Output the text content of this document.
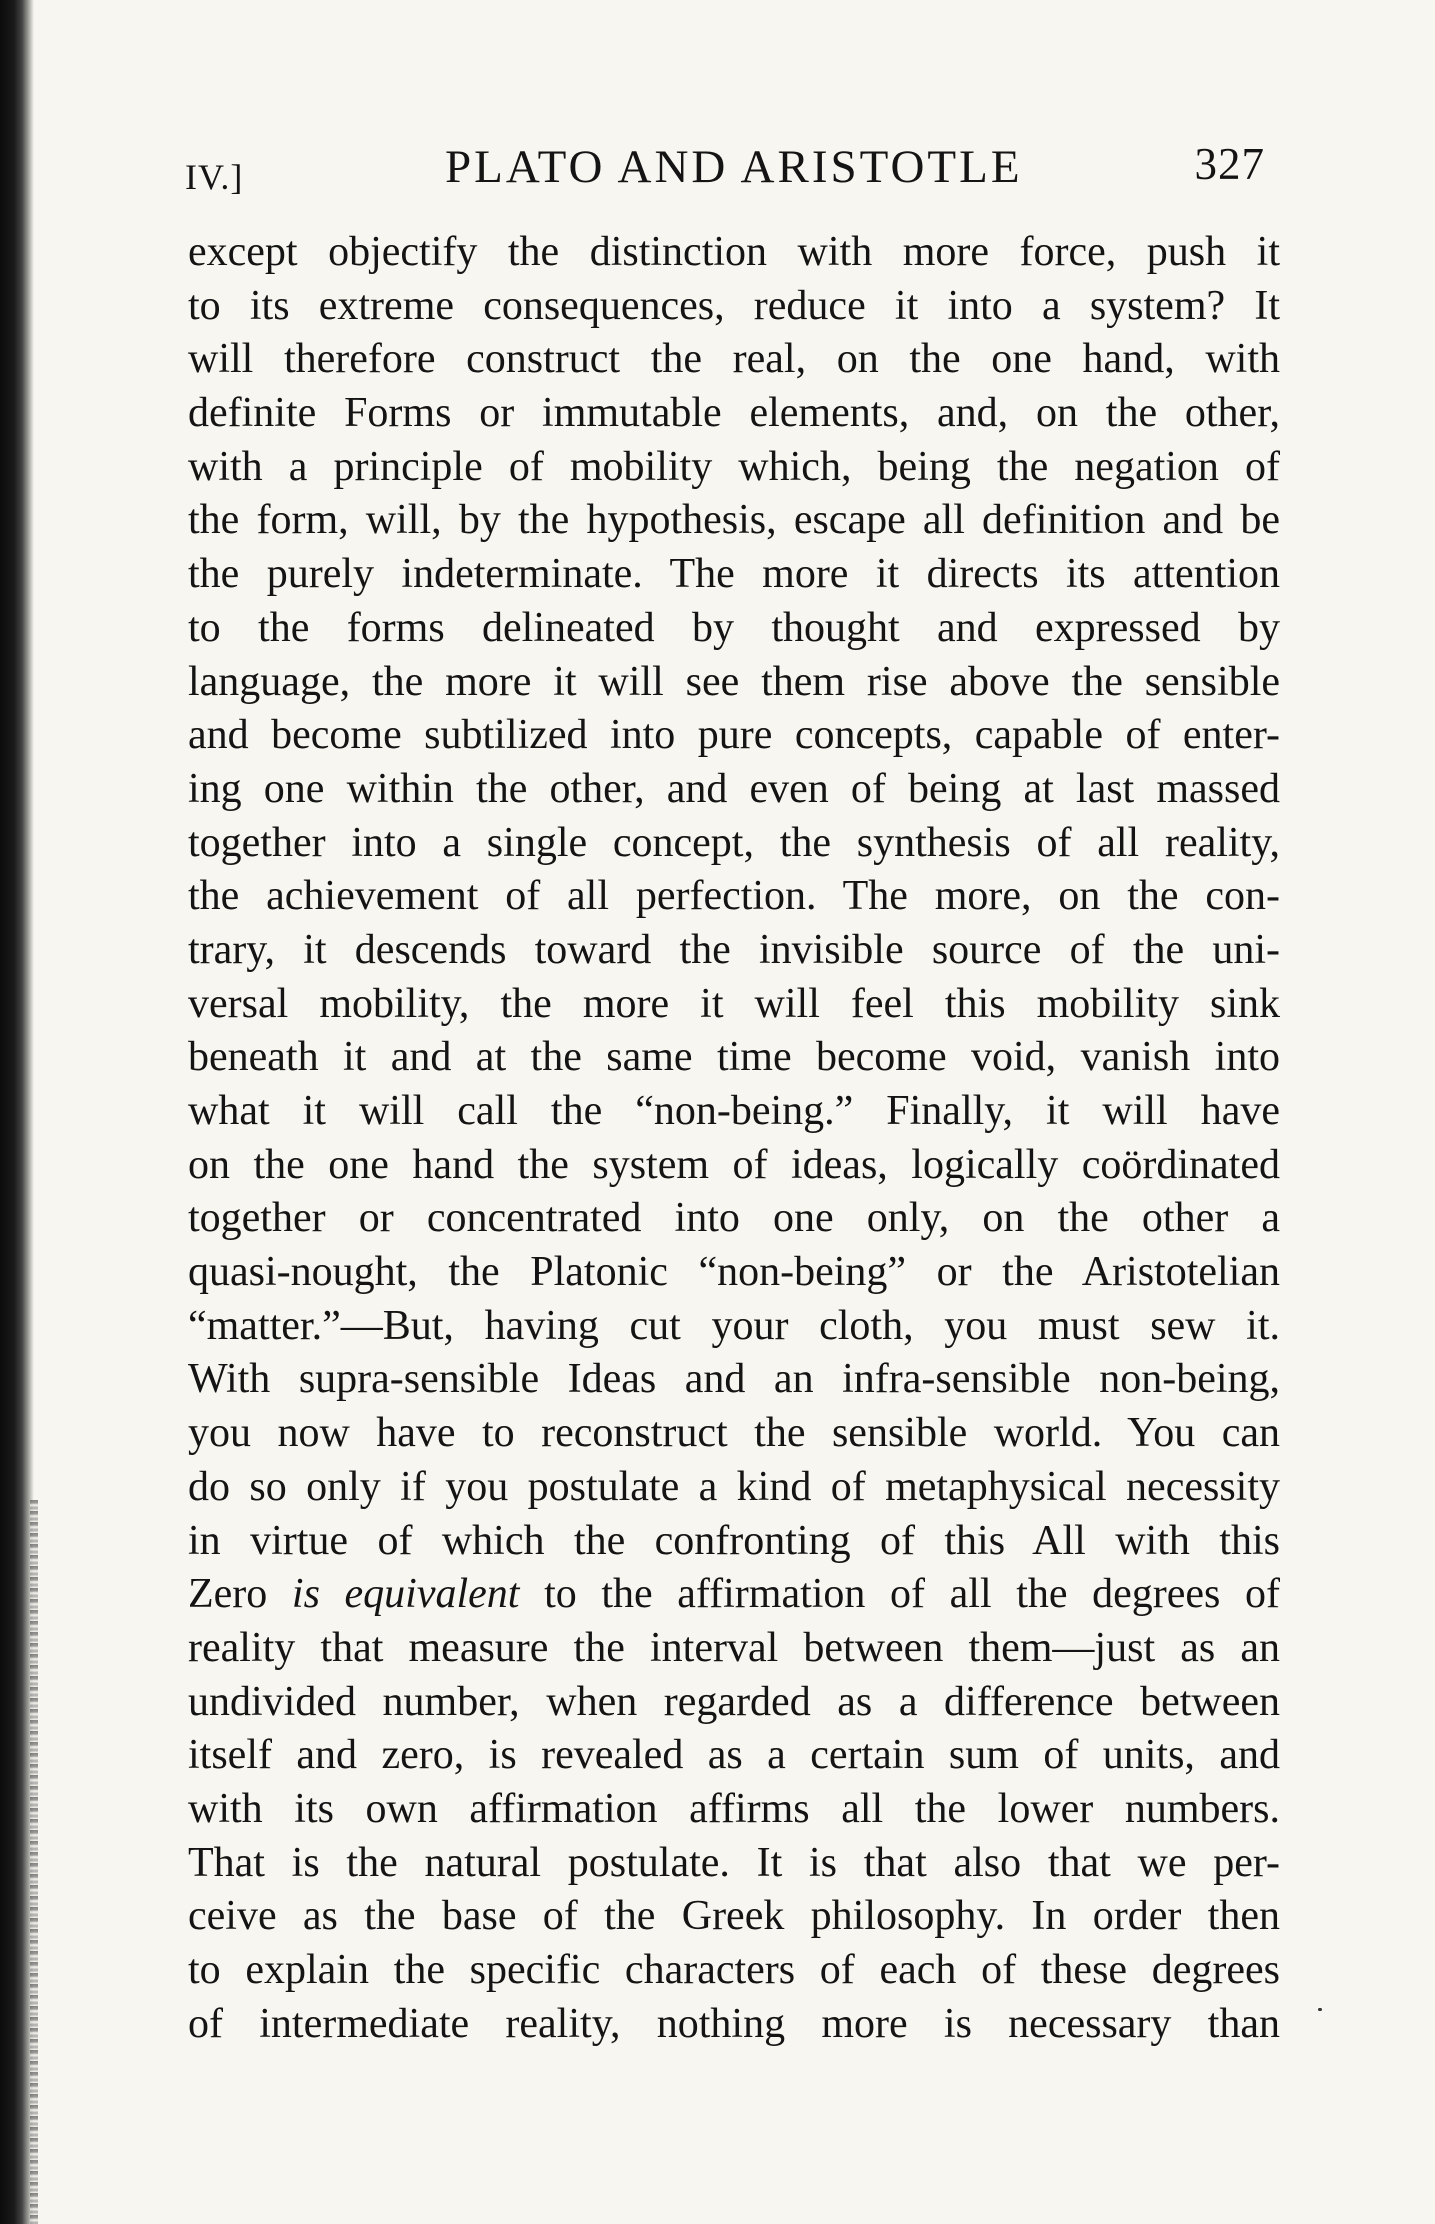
IV.]	PLATO AND ARISTOTLE	327
except objectify the distinction with more force, push it
to its extreme consequences, reduce it into a system? It
will therefore construct the real, on the one hand, with
definite Forms or immutable elements, and, on the other,
with a principle of mobility which, being the negation of
the form, will, by the hypothesis, escape all definition and be
the purely indeterminate. The more it directs its attention
to the forms delineated by thought and expressed by
language, the more it will see them rise above the sensible
and become subtilized into pure concepts, capable of enter-
ing one within the other, and even of being at last massed
together into a single concept, the synthesis of all reality,
the achievement of all perfection. The more, on the con-
trary, it descends toward the invisible source of the uni-
versal mobility, the more it will feel this mobility sink
beneath it and at the same time become void, vanish into
what it will call the “non-being.” Finally, it will have
on the one hand the system of ideas, logically coördinated
together or concentrated into one only, on the other a
quasi-nought, the Platonic “non-being” or the Aristotelian
“matter.”—But, having cut your cloth, you must sew it.
With supra-sensible Ideas and an infra-sensible non-being,
you now have to reconstruct the sensible world. You can
do so only if you postulate a kind of metaphysical necessity
in virtue of which the confronting of this All with this
Zero is equivalent to the affirmation of all the degrees of
reality that measure the interval between them—just as an
undivided number, when regarded as a difference between
itself and zero, is revealed as a certain sum of units, and
with its own affirmation affirms all the lower numbers.
That is the natural postulate. It is that also that we per-
ceive as the base of the Greek philosophy. In order then
to explain the specific characters of each of these degrees
of intermediate reality, nothing more is necessary than
